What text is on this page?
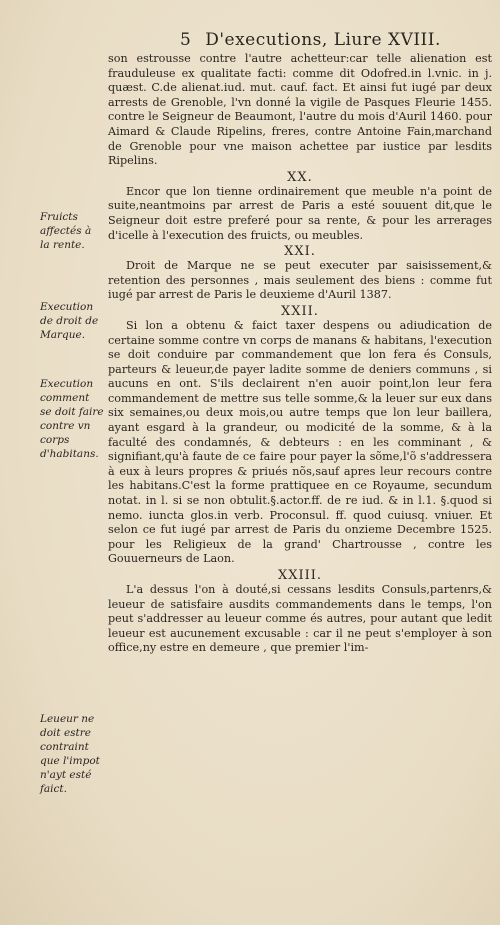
5 D'executions, Liure XVIII.

son estrousse contre l'autre achetteur:car telle alienation est frauduleuse ex qualitate facti: comme dit Odofred.in l.vnic. in j. quæst. C.de alienat.iud. mut. cauf. fact. Et ainsi fut iugé par deux arrests de Grenoble, l'vn donné la vigile de Pasques Fleurie 1455. contre le Seigneur de Beaumont, l'autre du mois d'Auril 1460. pour Aimard & Claude Ripelins, freres, contre Antoine Fain,marchand de Grenoble pour vne maison achettee par iustice par lesdits Ripelins.

XX.

Encor que lon tienne ordinairement que meuble n'a point de suite,neantmoins par arrest de Paris a esté souuent dit,que le Seigneur doit estre preferé pour sa rente, & pour les arrerages d'icelle à l'execution des fruicts, ou meubles.

XXI.

Droit de Marque ne se peut executer par saisissement,& retention des personnes , mais seulement des biens : comme fut iugé par arrest de Paris le deuxieme d'Auril 1387.

XXII.

Si lon a obtenu & faict taxer despens ou adiudication de certaine somme contre vn corps de manans & habitans, l'execution se doit conduire par commandement que lon fera és Consuls, parteurs & leueur,de payer ladite somme de deniers communs , si aucuns en ont. S'ils declairent n'en auoir point,lon leur fera commandement de mettre sus telle somme,& la leuer sur eux dans six semaines,ou deux mois,ou autre temps que lon leur baillera, ayant esgard à la grandeur, ou modicité de la somme, & à la faculté des condamnés, & debteurs : en les comminant , & signifiant,qu'à faute de ce faire pour payer la sõme,l'õ s'addressera à eux à leurs propres & priués nõs,sauf apres leur recours contre les habitans.C'est la forme prattiquee en ce Royaume, secundum notat. in l. si se non obtulit.§.actor.ff. de re iud. & in l.1. §.quod si nemo. iuncta glos.in verb. Proconsul. ff. quod cuiusq. vniuer. Et selon ce fut iugé par arrest de Paris du onzieme Decembre 1525. pour les Religieux de la grand' Chartrousse , contre les Gouuerneurs de Laon.

XXIII.

L'a dessus l'on à douté,si cessans lesdits Consuls,partenrs,& leueur de satisfaire ausdits commandements dans le temps, l'on peut s'addresser au leueur comme és autres, pour autant que ledit leueur est aucunement excusable : car il ne peut s'employer à son office,ny estre en demeure , que premier l'im-

Fruicts affectés à la rente.
Execution de droit de Marque.
Execution comment se doit faire contre vn corps d'habitans.
Leueur ne doit estre contraint que l'impot n'ayt esté faict.
